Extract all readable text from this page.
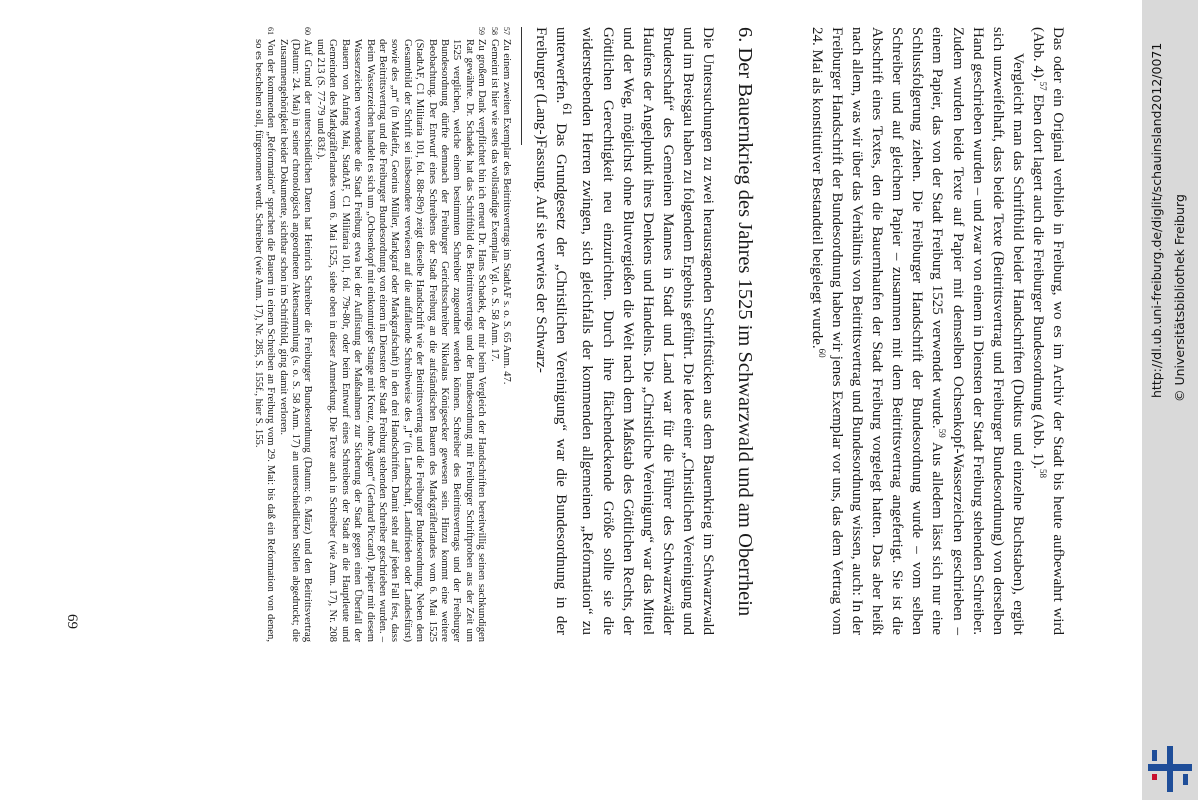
Das oder ein Original verblieb in Freiburg, wo es im Archiv der Stadt bis heute aufbewahrt wird (Abb. 4).$^{57}$ Eben dort lagert auch die Freiburger Bundesordnung (Abb. 1).$^{58}$

Vergleicht man das Schriftbild beider Handschriften (Duktus und einzelne Buchstaben), ergibt sich unzweifelhaft, dass beide Texte (Beitrittsvertrag und Freiburger Bundesordnung) von derselben Hand geschrieben wurden – und zwar von einem in Diensten der Stadt Freiburg stehenden Schreiber. Zudem wurden beide Texte auf Papier mit demselben Ochsenkopf-Wasserzeichen geschrieben – einem Papier, das von der Stadt Freiburg 1525 verwendet wurde.$^{59}$ Aus alledem lässt sich nur eine Schlussfolgerung ziehen. Die Freiburger Handschrift der Bundesordnung wurde – vom selben Schreiber und auf gleichem Papier – zusammen mit dem Beitrittsvertrag angefertigt. Sie ist die Abschrift eines Textes, den die Bauernhaufen der Stadt Freiburg vorgelegt hatten. Das aber heißt nach allem, was wir über das Verhältnis von Beitrittsvertrag und Bundesordnung wissen, auch: In der Freiburger Handschrift der Bundesordnung haben wir jenes Exemplar vor uns, das dem Vertrag vom 24. Mai als konstitutiver Bestandteil beigelegt wurde.$^{60}$

6. Der Bauernkrieg des Jahres 1525 im Schwarzwald und am Oberrhein

Die Untersuchungen zu zwei herausragenden Schriftstücken aus dem Bauernkrieg im Schwarzwald und im Breisgau haben zu folgendem Ergebnis geführt. Die Idee einer „Christlichen Vereinigung und Bruderschaft“ des Gemeinen Mannes in Stadt und Land war für die Führer des Schwarzwälder Haufens der Angelpunkt ihres Denkens und Handelns. Die „Christliche Vereinigung“ war das Mittel und der Weg, möglichst ohne Blutvergießen die Welt nach dem Maßstab des Göttlichen Rechts, der Göttlichen Gerechtigkeit neu einzurichten. Durch ihre flächendeckende Größe sollte sie die widerstrebenden Herren zwingen, sich gleichfalls der kommenden allgemeinen „Reformation“ zu unterwerfen.$^{61}$ Das Grundgesetz der „Christlichen Vereinigung“ war die Bundesordnung in der Freiburger (Lang-)Fassung. Auf sie verwies der Schwarz-

57Zu einem zweiten Exemplar des Beitrittsvertrags im StadtAF s. o. S. 65 Anm. 47.

58Gemeint ist hier wie stets das vollständige Exemplar. Vgl. o. S. 58 Anm. 17.

59Zu großem Dank verpflichtet bin ich erneut Dr. Hans Schadek, der mir beim Vergleich der Handschriften bereitwillig seinen sachkundigen Rat gewährte. Dr. Schadek hat das Schriftbild des Beitrittsvertrags und der Bundesordnung mit Freiburger Schriftproben aus der Zeit um 1525 verglichen, welche einem bestimmten Schreiber zugeordnet werden können. Schreiber des Beitrittsvertrags und der Freiburger Bundesordnung dürfte demnach der Freiburger Gerichtsschreiber Nikolaus Königsecker gewesen sein. Hinzu kommt eine weitere Beobachtung. Der Entwurf eines Schreibens der Stadt Freiburg an die aufständischen Bauern des Markgräflerlandes vom 6. Mai 1525 (StadtAF, C1 Militaria 101, fol. 88r-89r) zeigt dieselbe Handschrift wie der Beitrittsvertrag und die Freiburger Bundesordnung. Neben dem Gesamtbild der Schrift sei insbesondere verwiesen auf die auffallende Schreibweise des „I“ (in Landschaft, Landfrieden oder Landesfürst) sowie des „m“ (in Malefiz, Georius Müller, Markgraf oder Markgrafschaft) in den drei Handschriften. Damit steht auf jeden Fall fest, dass der Beitrittsvertrag und die Freiburger Bundesordnung von einem in Diensten der Stadt Freiburg stehenden Schreiber geschrieben wurden. – Beim Wasserzeichen handelt es sich um „Ochsenkopf mit einkonturiger Stange mit Kreuz, ohne Augen“ (Gerhard Piccard). Papier mit diesem Wasserzeichen verwendete die Stadt Freiburg etwa bei der Auflistung der Maßnahmen zur Sicherung der Stadt gegen einen Überfall der Bauern von Anfang Mai, StadtAF, C1 Militaria 101, fol. 79r-80r, oder beim Entwurf eines Schreibens der Stadt an die Hauptleute und Gemeinden des Markgräflerlandes vom 6. Mai 1525, siehe oben in dieser Anmerkung. Die Texte auch in Schreiber (wie Anm. 17), Nr. 208 und 213 (S. 77-79 und 83f.).

60Auf Grund der unterschiedlichen Daten hat Heinrich Schreiber die Freiburger Bundesordnung (Datum: 6. März) und den Beitrittsvertrag (Datum: 24. Mai) in seiner chronologisch angeordneten Aktensammlung (s. o. S. 58 Anm. 17) an unterschiedlichen Stellen abgedruckt; die Zusammengehörigkeit beider Dokumente, sichtbar schon im Schriftbild, ging damit verloren.

61Von der kommenden „Reformation“ sprachen die Bauern in einem Schreiben an Freiburg vom 29. Mai: bis daß ein Reformation von denen, so es beschehen soll, fürgenomen werdt. Schreiber (wie Anm. 17), Nr. 285, S. 155f., hier S. 155.

69
http://dl.ub.uni-freiburg.de/diglit/schauinsland2012/0071 © Universitätsbibliothek Freiburg
